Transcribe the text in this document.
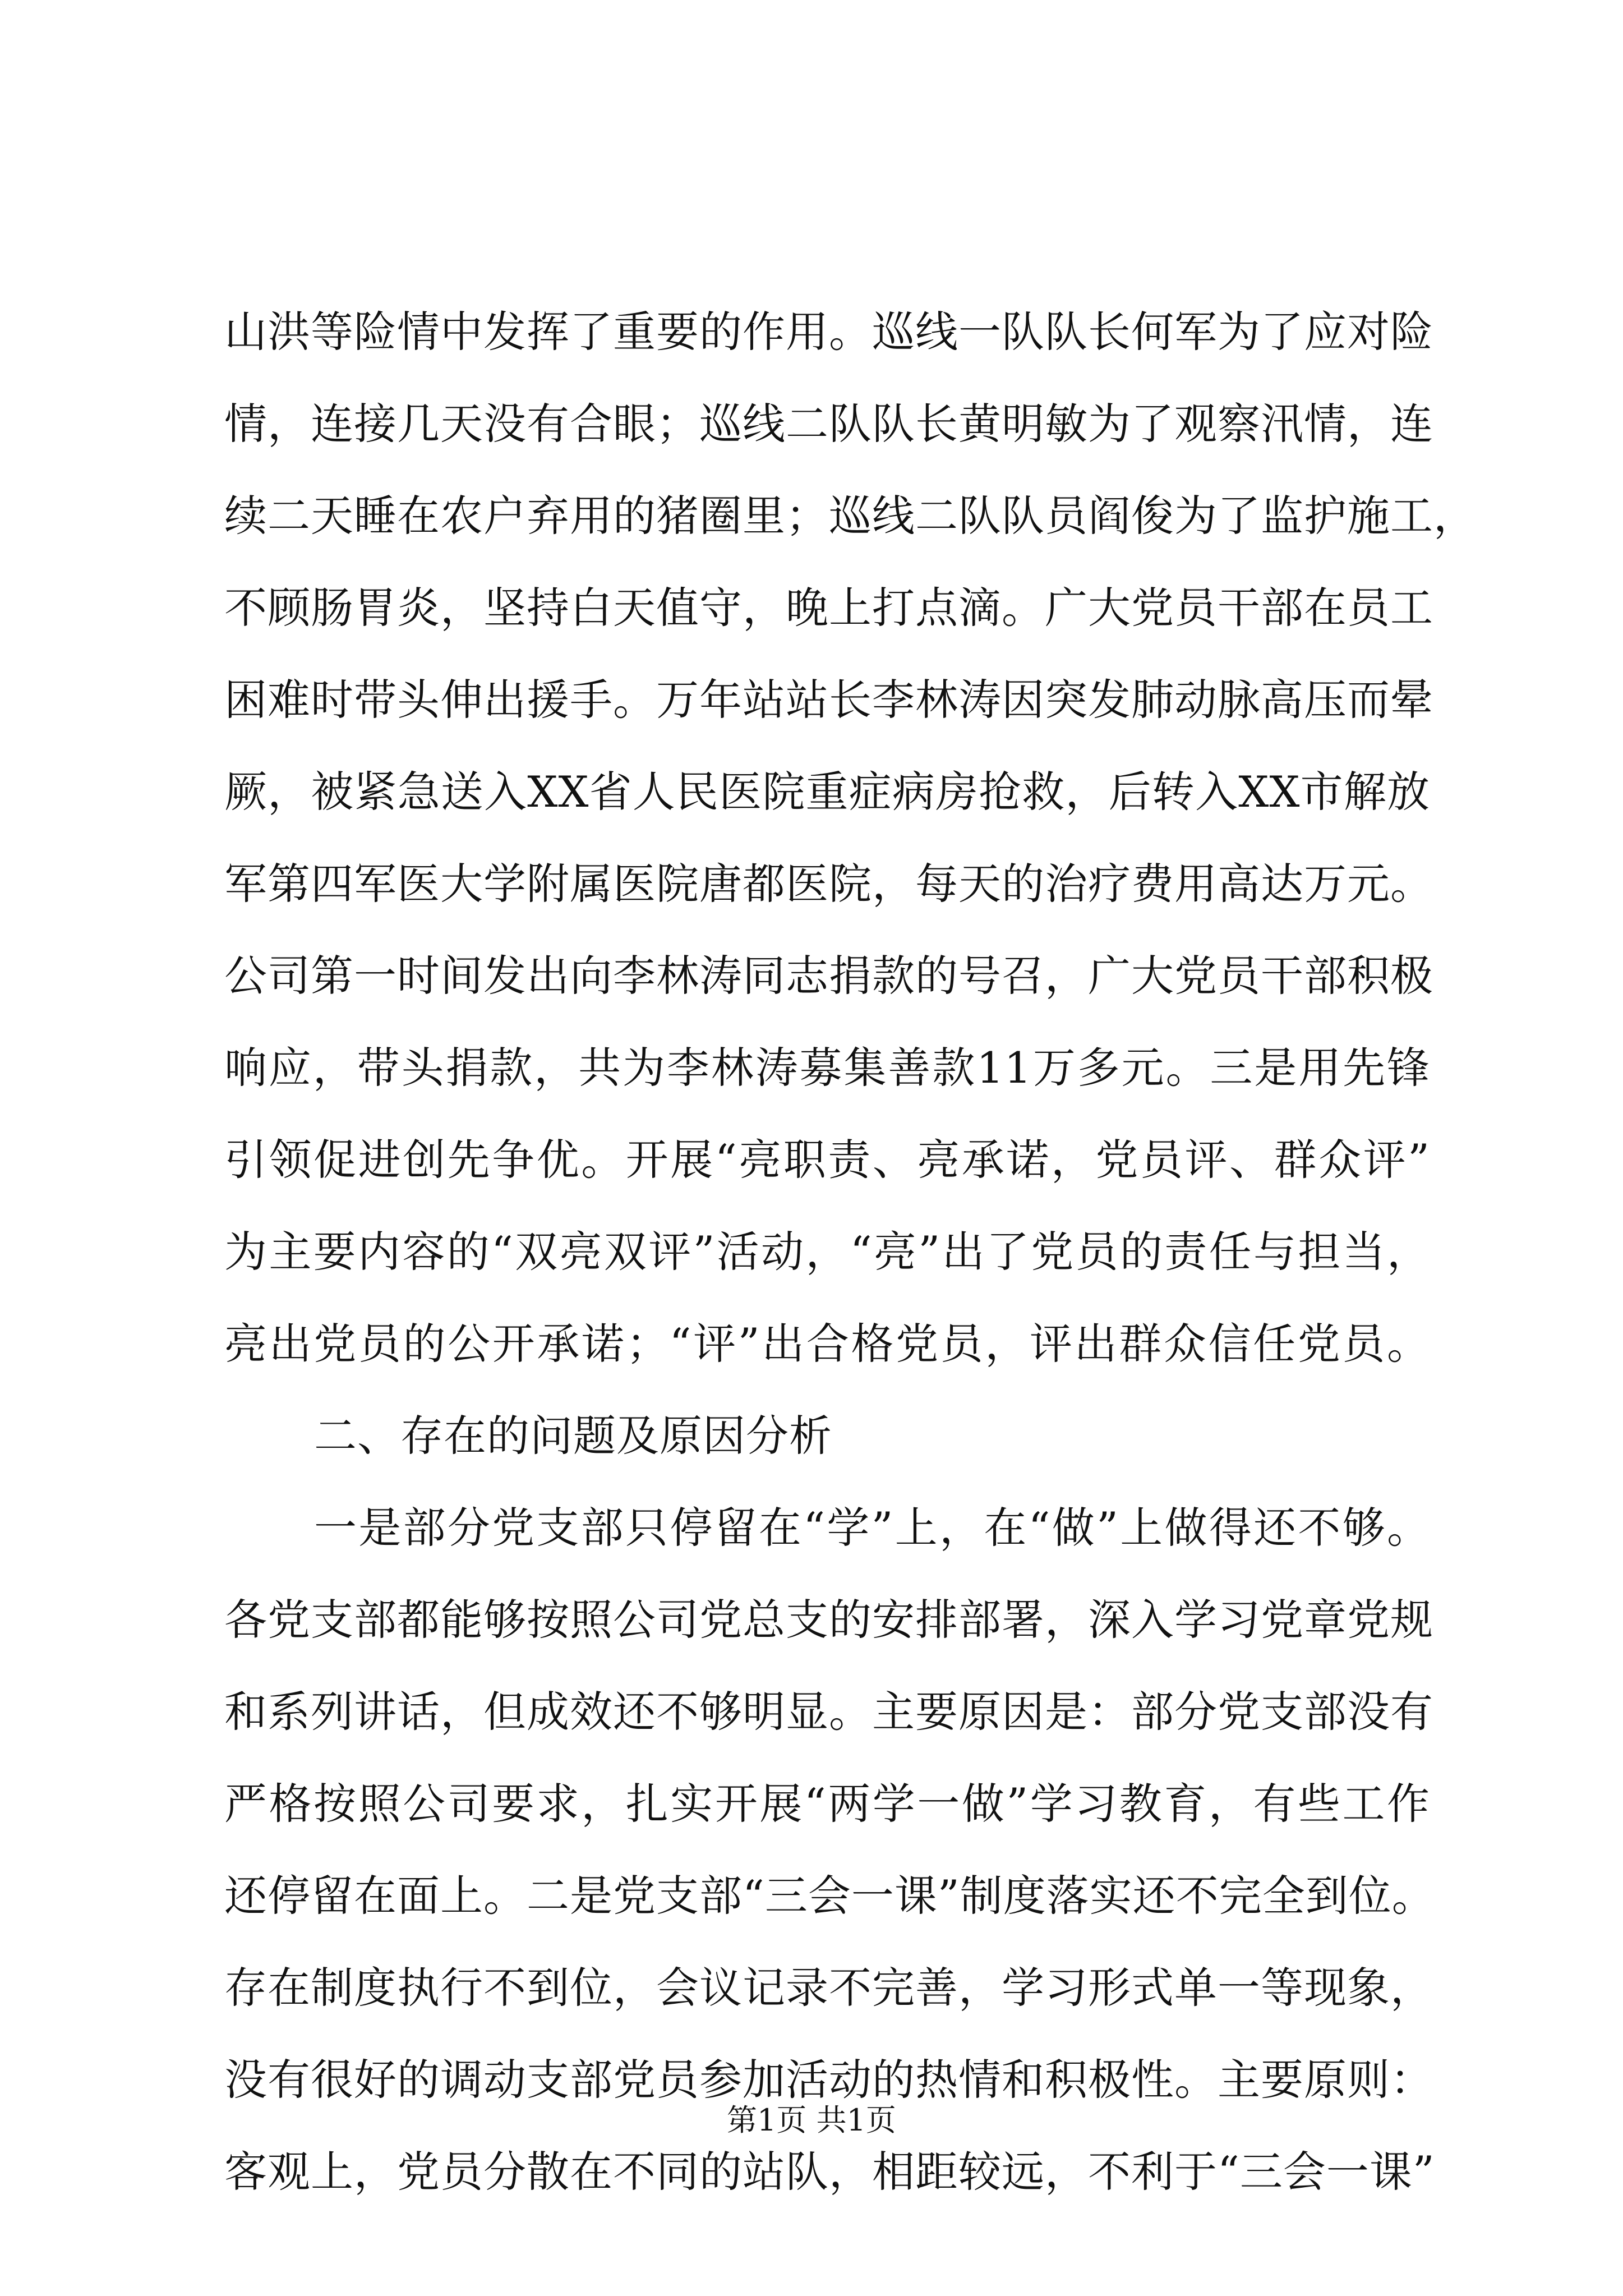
山洪等险情中发挥了重要的作用。巡线一队队长何军为了应对险
情，连接几天没有合眼；巡线二队队长黄明敏为了观察汛情，连
续二天睡在农户弃用的猪圈里；巡线二队队员阎俊为了监护施工，
不顾肠胃炎，坚持白天值守，晚上打点滴。广大党员干部在员工
困难时带头伸出援手。万年站站长李林涛因突发肺动脉高压而晕
厥，被紧急送入XX省人民医院重症病房抢救，后转入XX市解放
军第四军医大学附属医院唐都医院，每天的治疗费用高达万元。
公司第一时间发出向李林涛同志捐款的号召，广大党员干部积极
响应，带头捐款，共为李林涛募集善款11万多元。三是用先锋
引领促进创先争优。开展“亮职责、亮承诺，党员评、群众评”
为主要内容的“双亮双评”活动，“亮”出了党员的责任与担当，
亮出党员的公开承诺；“评”出合格党员，评出群众信任党员。
二、存在的问题及原因分析
一是部分党支部只停留在“学”上，在“做”上做得还不够。
各党支部都能够按照公司党总支的安排部署，深入学习党章党规
和系列讲话，但成效还不够明显。主要原因是：部分党支部没有
严格按照公司要求，扎实开展“两学一做”学习教育，有些工作
还停留在面上。二是党支部“三会一课”制度落实还不完全到位。
存在制度执行不到位，会议记录不完善，学习形式单一等现象，
没有很好的调动支部党员参加活动的热情和积极性。主要原则：
客观上，党员分散在不同的站队，相距较远，不利于“三会一课”
第1页 共1页
